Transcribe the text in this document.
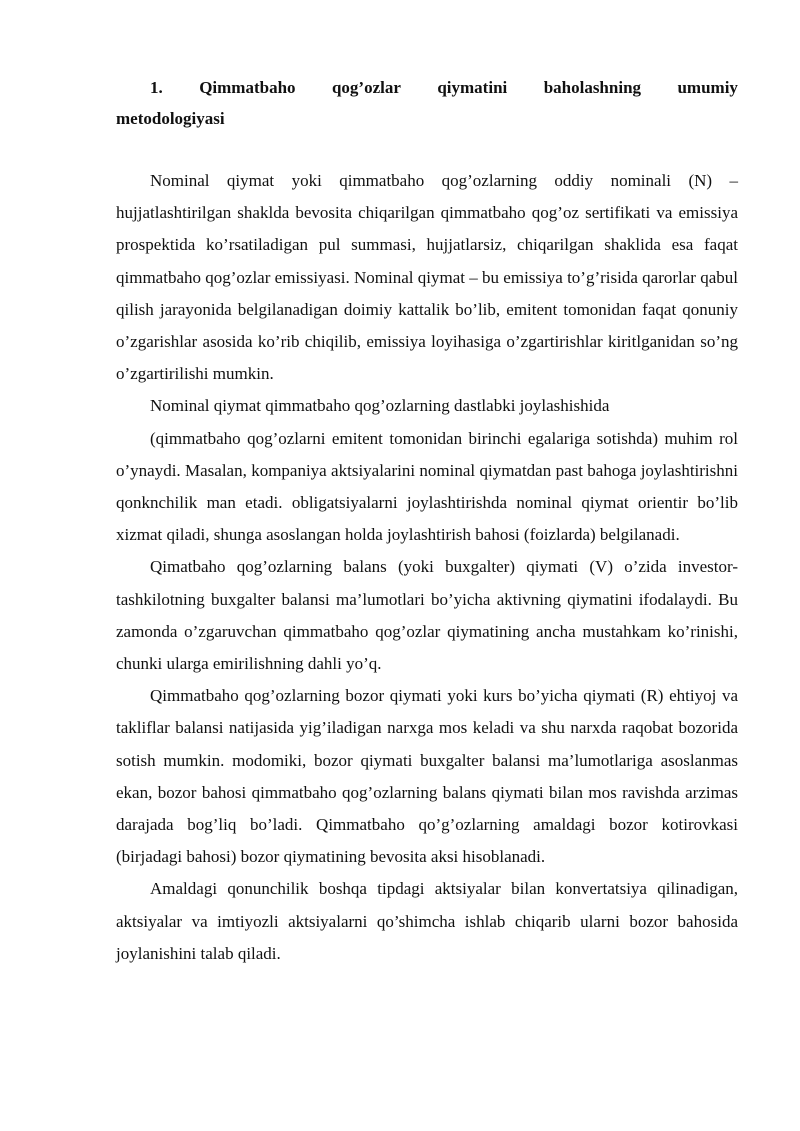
1. Qimmatbaho qog’ozlar qiymatini baholashning umumiy
metodologiyasi

Nominal qiymat yoki qimmatbaho qog’ozlarning oddiy nominali (N) – hujjatlashtirilgan shaklda bevosita chiqarilgan qimmatbaho qog’oz sertifikati va emissiya prospektida ko’rsatiladigan pul summasi, hujjatlarsiz, chiqarilgan shaklida esa faqat qimmatbaho qog’ozlar emissiyasi. Nominal qiymat – bu emissiya to’g’risida qarorlar qabul qilish jarayonida belgilanadigan doimiy kattalik bo’lib, emitent tomonidan faqat qonuniy o’zgarishlar asosida ko’rib chiqilib, emissiya loyihasiga o’zgartirishlar kiritlganidan so’ng o’zgartirilishi mumkin.

Nominal qiymat qimmatbaho qog’ozlarning dastlabki joylashishida

(qimmatbaho qog’ozlarni emitent tomonidan birinchi egalariga sotishda) muhim rol o’ynaydi. Masalan, kompaniya aktsiyalarini nominal qiymatdan past bahoga joylashtirishni qonknchilik man etadi. obligatsiyalarni joylashtirishda nominal qiymat orientir bo’lib xizmat qiladi, shunga asoslangan holda joylashtirish bahosi (foizlarda) belgilanadi.

Qimatbaho qog’ozlarning balans (yoki buxgalter) qiymati (V) o’zida investor-tashkilotning buxgalter balansi ma’lumotlari bo’yicha aktivning qiymatini ifodalaydi. Bu zamonda o’zgaruvchan qimmatbaho qog’ozlar qiymatining ancha mustahkam ko’rinishi, chunki ularga emirilishning dahli yo’q.

Qimmatbaho qog’ozlarning bozor qiymati yoki kurs bo’yicha qiymati (R) ehtiyoj va takliflar balansi natijasida yig’iladigan narxga mos keladi va shu narxda raqobat bozorida sotish mumkin. modomiki, bozor qiymati buxgalter balansi ma’lumotlariga asoslanmas ekan, bozor bahosi qimmatbaho qog’ozlarning balans qiymati bilan mos ravishda arzimas darajada bog’liq bo’ladi. Qimmatbaho qo’g’ozlarning amaldagi bozor kotirovkasi (birjadagi bahosi) bozor qiymatining bevosita aksi hisoblanadi.

Amaldagi qonunchilik boshqa tipdagi aktsiyalar bilan konvertatsiya qilinadigan, aktsiyalar va imtiyozli aktsiyalarni qo’shimcha ishlab chiqarib ularni bozor bahosida joylanishini talab qiladi.
